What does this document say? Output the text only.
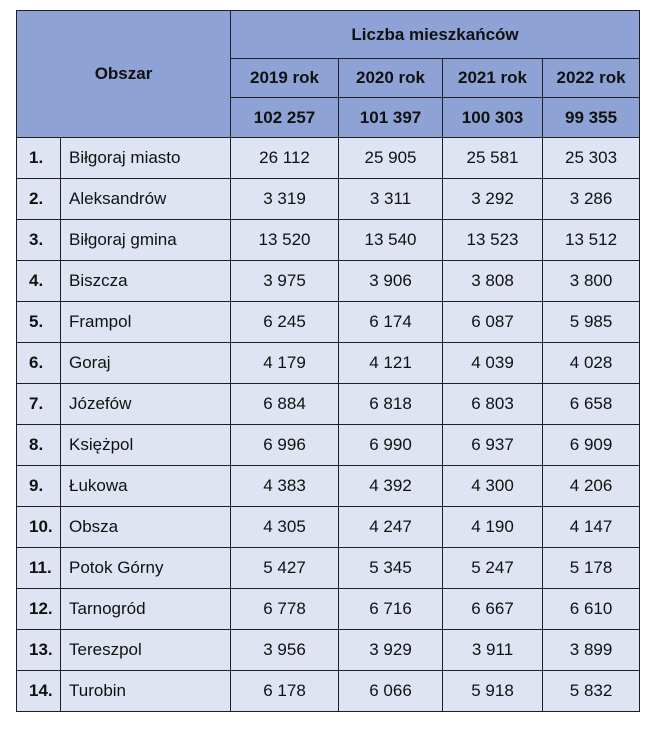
Obszar		Liczba mieszkańców			
		2019 rok	2020 rok	2021 rok	2022 rok
		102 257	101 397	100 303	99 355
1.	Biłgoraj miasto	26 112	25 905	25 581	25 303
2.	Aleksandrów	3 319	3 311	3 292	3 286
3.	Biłgoraj gmina	13 520	13 540	13 523	13 512
4.	Biszcza	3 975	3 906	3 808	3 800
5.	Frampol	6 245	6 174	6 087	5 985
6.	Goraj	4 179	4 121	4 039	4 028
7.	Józefów	6 884	6 818	6 803	6 658
8.	Księżpol	6 996	6 990	6 937	6 909
9.	Łukowa	4 383	4 392	4 300	4 206
10.	Obsza	4 305	4 247	4 190	4 147
11.	Potok Górny	5 427	5 345	5 247	5 178
12.	Tarnogród	6 778	6 716	6 667	6 610
13.	Tereszpol	3 956	3 929	3 911	3 899
14.	Turobin	6 178	6 066	5 918	5 832
